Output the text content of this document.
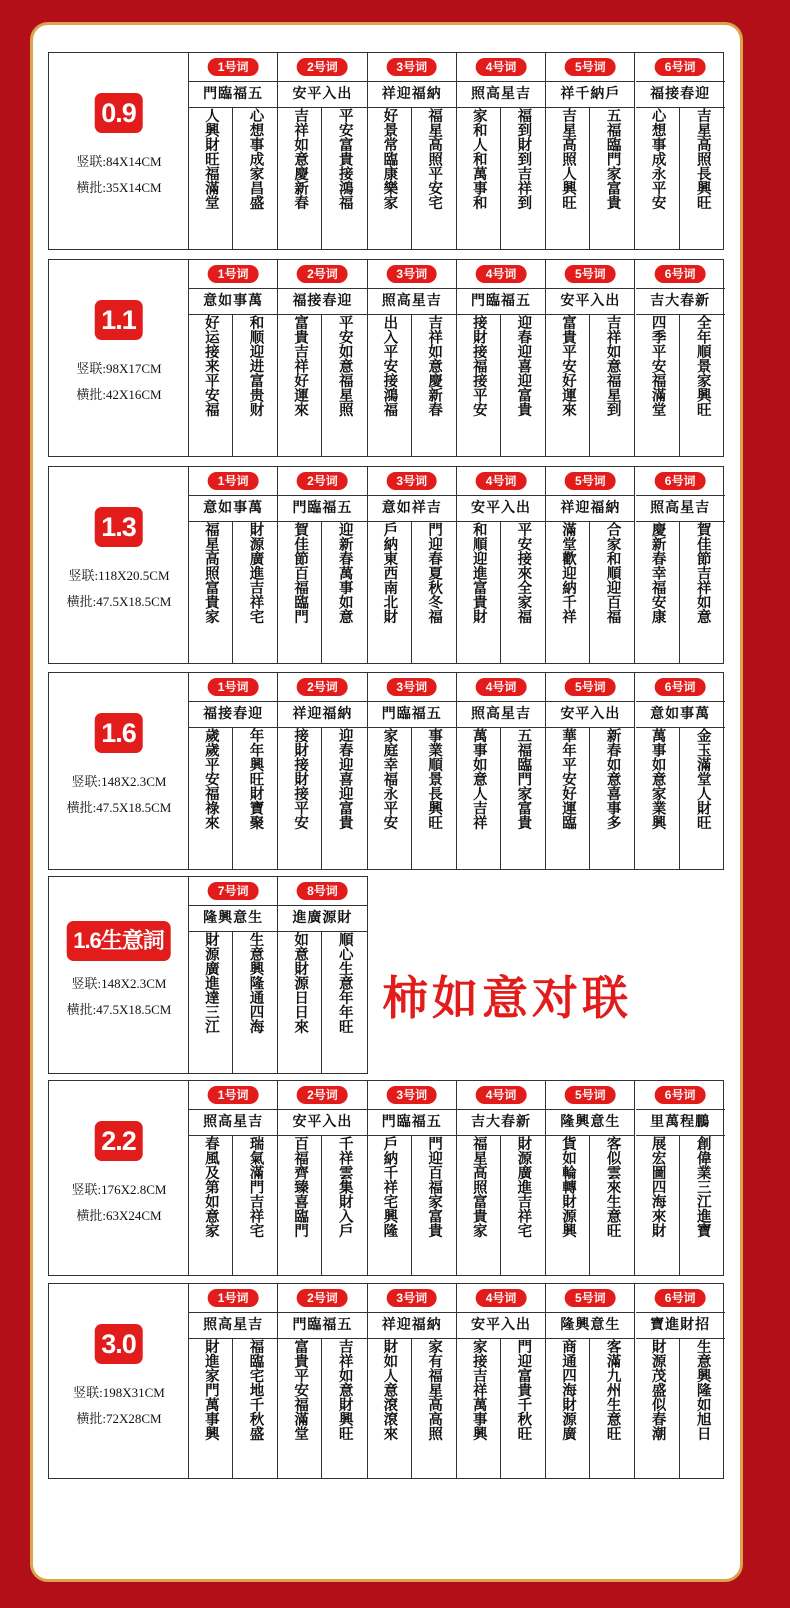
0.9
竖联:84X14CM
横批:35X14CM
1号词
門臨福五
人興財旺福滿堂	心想事成家昌盛
2号词
安平入出
吉祥如意慶新春	平安富貴接鴻福
3号词
祥迎福納
好景常臨康樂家	福星高照平安宅
4号词
照高星吉
家和人和萬事和	福到財到吉祥到
5号词
祥千納戶
吉星高照人興旺	五福臨門家富貴
6号词
福接春迎
心想事成永平安	吉星高照長興旺
1.1
竖联:98X17CM
横批:42X16CM
1号词
意如事萬
好运接来平安福	和顺迎进富贵财
2号词
福接春迎
富貴吉祥好運來	平安如意福星照
3号词
照高星吉
出入平安接鴻福	吉祥如意慶新春
4号词
門臨福五
接財接福接平安	迎春迎喜迎富貴
5号词
安平入出
富貴平安好運來	吉祥如意福星到
6号词
吉大春新
四季平安福滿堂	全年順景家興旺
1.3
竖联:118X20.5CM
横批:47.5X18.5CM
1号词
意如事萬
福星高照富貴家	財源廣進吉祥宅
2号词
門臨福五
賀佳節百福臨門	迎新春萬事如意
3号词
意如祥吉
戶納東西南北財	門迎春夏秋冬福
4号词
安平入出
和順迎進富貴財	平安接來全家福
5号词
祥迎福納
滿堂歡迎納千祥	合家和順迎百福
6号词
照高星吉
慶新春幸福安康	賀佳節吉祥如意
1.6
竖联:148X2.3CM
横批:47.5X18.5CM
1号词
福接春迎
歲歲平安福祿來	年年興旺財寶聚
2号词
祥迎福納
接財接財接平安	迎春迎喜迎富貴
3号词
門臨福五
家庭幸福永平安	事業順景長興旺
4号词
照高星吉
萬事如意人吉祥	五福臨門家富貴
5号词
安平入出
華年平安好運臨	新春如意喜事多
6号词
意如事萬
萬事如意家業興	金玉滿堂人財旺
1.6生意詞
竖联:148X2.3CM
横批:47.5X18.5CM
7号词
隆興意生
財源廣進達三江	生意興隆通四海
8号词
進廣源財
如意財源日日來	順心生意年年旺
2.2
竖联:176X2.8CM
横批:63X24CM
1号词
照高星吉
春風及第如意家	瑞氣滿門吉祥宅
2号词
安平入出
百福齊臻喜臨門	千祥雲集財入戶
3号词
門臨福五
戶納千祥宅興隆	門迎百福家富貴
4号词
吉大春新
福星高照富貴家	財源廣進吉祥宅
5号词
隆興意生
貨如輪轉財源興	客似雲來生意旺
6号词
里萬程鵬
展宏圖四海來財	創偉業三江進寶
3.0
竖联:198X31CM
横批:72X28CM
1号词
照高星吉
財進家門萬事興	福臨宅地千秋盛
2号词
門臨福五
富貴平安福滿堂	吉祥如意財興旺
3号词
祥迎福納
財如人意滾滾來	家有福星高高照
4号词
安平入出
家接吉祥萬事興	門迎富貴千秋旺
5号词
隆興意生
商通四海財源廣	客滿九州生意旺
6号词
寶進財招
財源茂盛似春潮	生意興隆如旭日
柿如意对联
